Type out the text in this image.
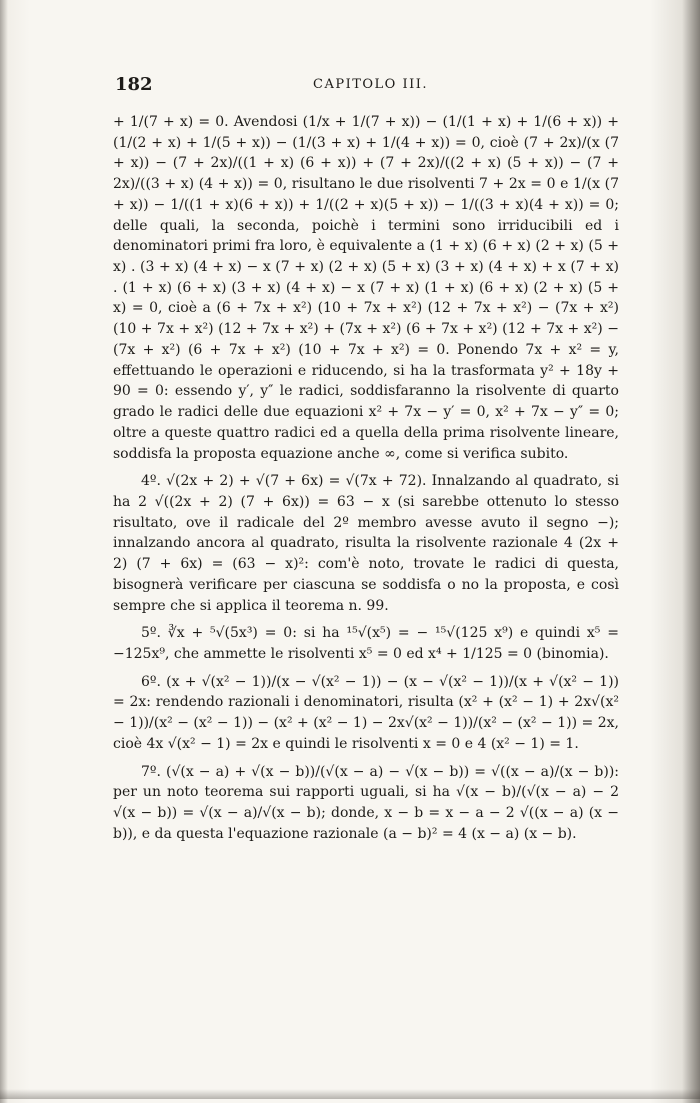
182	CAPITOLO III.

+ 1/(7 + x) = 0. Avendosi (1/x + 1/(7 + x)) − (1/(1 + x) + 1/(6 + x)) + (1/(2 + x) + 1/(5 + x)) − (1/(3 + x) + 1/(4 + x)) = 0, cioè (7 + 2x)/(x (7 + x)) − (7 + 2x)/((1 + x) (6 + x)) + (7 + 2x)/((2 + x) (5 + x)) − (7 + 2x)/((3 + x) (4 + x)) = 0, risultano le due risolventi 7 + 2x = 0 e 1/(x (7 + x)) − 1/((1 + x)(6 + x)) + 1/((2 + x)(5 + x)) − 1/((3 + x)(4 + x)) = 0; delle quali, la seconda, poichè i termini sono irriducibili ed i denominatori primi fra loro, è equivalente a (1 + x) (6 + x) (2 + x) (5 + x) . (3 + x) (4 + x) − x (7 + x) (2 + x) (5 + x) (3 + x) (4 + x) + x (7 + x) . (1 + x) (6 + x) (3 + x) (4 + x) − x (7 + x) (1 + x) (6 + x) (2 + x) (5 + x) = 0, cioè a (6 + 7x + x²) (10 + 7x + x²) (12 + 7x + x²) − (7x + x²) (10 + 7x + x²) (12 + 7x + x²) + (7x + x²) (6 + 7x + x²) (12 + 7x + x²) − (7x + x²) (6 + 7x + x²) (10 + 7x + x²) = 0. Ponendo 7x + x² = y, effettuando le operazioni e riducendo, si ha la trasformata y² + 18y + 90 = 0: essendo y′, y″ le radici, soddisfaranno la risolvente di quarto grado le radici delle due equazioni x² + 7x − y′ = 0, x² + 7x − y″ = 0; oltre a queste quattro radici ed a quella della prima risolvente lineare, soddisfa la proposta equazione anche ∞, come si verifica subito.

4º. √(2x + 2) + √(7 + 6x) = √(7x + 72). Innalzando al quadrato, si ha 2 √((2x + 2) (7 + 6x)) = 63 − x (si sarebbe ottenuto lo stesso risultato, ove il radicale del 2º membro avesse avuto il segno −); innalzando ancora al quadrato, risulta la risolvente razionale 4 (2x + 2) (7 + 6x) = (63 − x)²: com'è noto, trovate le radici di questa, bisognerà verificare per ciascuna se soddisfa o no la proposta, e così sempre che si applica il teorema n. 99.

5º. ∛x + ⁵√(5x³) = 0: si ha ¹⁵√(x⁵) = − ¹⁵√(125 x⁹) e quindi x⁵ = −125x⁹, che ammette le risolventi x⁵ = 0 ed x⁴ + 1/125 = 0 (binomia).

6º. (x + √(x² − 1))/(x − √(x² − 1)) − (x − √(x² − 1))/(x + √(x² − 1)) = 2x: rendendo razionali i denominatori, risulta (x² + (x² − 1) + 2x√(x² − 1))/(x² − (x² − 1)) − (x² + (x² − 1) − 2x√(x² − 1))/(x² − (x² − 1)) = 2x, cioè 4x √(x² − 1) = 2x e quindi le risolventi x = 0 e 4 (x² − 1) = 1.

7º. (√(x − a) + √(x − b))/(√(x − a) − √(x − b)) = √((x − a)/(x − b)): per un noto teorema sui rapporti uguali, si ha √(x − b)/(√(x − a) − 2 √(x − b)) = √(x − a)/√(x − b); donde, x − b = x − a − 2 √((x − a) (x − b)), e da questa l'equazione razionale (a − b)² = 4 (x − a) (x − b).
